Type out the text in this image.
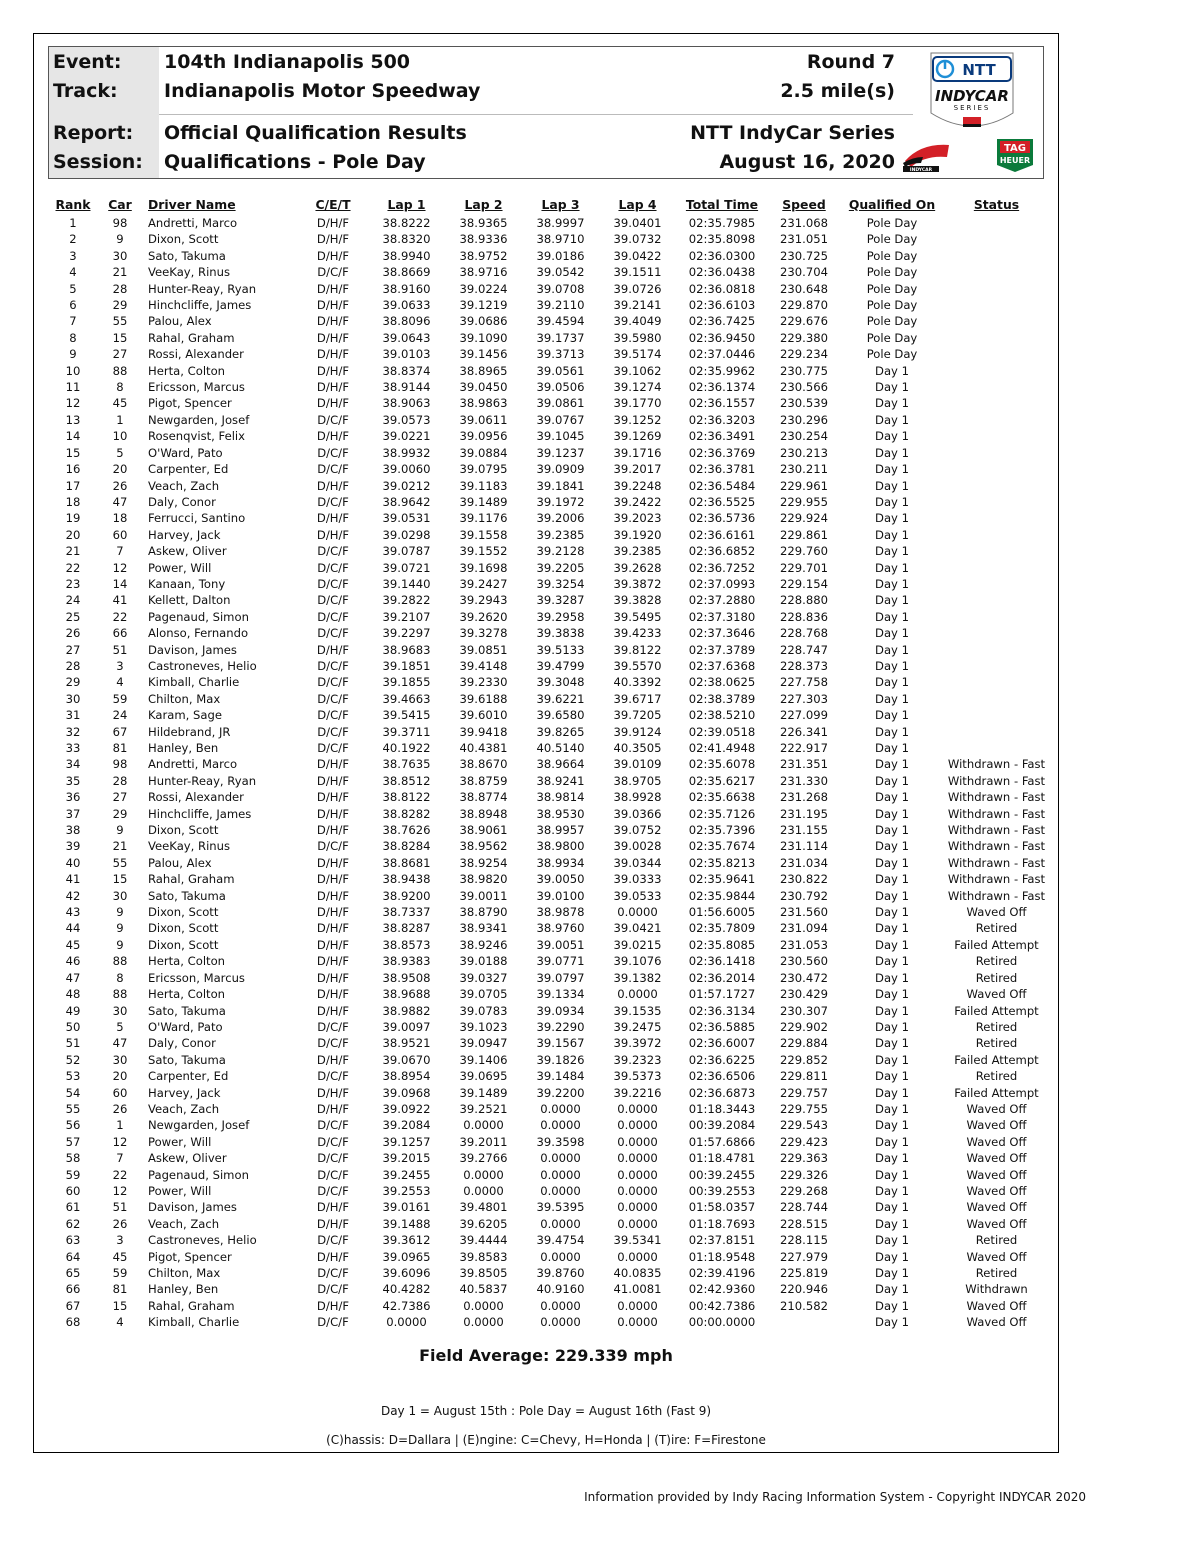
Event: 104th Indianapolis 500	Round 7
Track: Indianapolis Motor Speedway	2.5 mile(s)
Report: Official Qualification Results	NTT IndyCar Series
Session: Qualifications - Pole Day	August 16, 2020
NTT
INDYCAR
SERIES
INDYCAR
TAG
HEUER
Rank	Car	Driver Name	C/E/T	Lap 1	Lap 2	Lap 3	Lap 4	Total Time	Speed	Qualified On	Status
1	98	Andretti, Marco	D/H/F	38.8222	38.9365	38.9997	39.0401	02:35.7985	231.068	Pole Day	
2	9	Dixon, Scott	D/H/F	38.8320	38.9336	38.9710	39.0732	02:35.8098	231.051	Pole Day	
3	30	Sato, Takuma	D/H/F	38.9940	38.9752	39.0186	39.0422	02:36.0300	230.725	Pole Day	
4	21	VeeKay, Rinus	D/C/F	38.8669	38.9716	39.0542	39.1511	02:36.0438	230.704	Pole Day	
5	28	Hunter-Reay, Ryan	D/H/F	38.9160	39.0224	39.0708	39.0726	02:36.0818	230.648	Pole Day	
6	29	Hinchcliffe, James	D/H/F	39.0633	39.1219	39.2110	39.2141	02:36.6103	229.870	Pole Day	
7	55	Palou, Alex	D/H/F	38.8096	39.0686	39.4594	39.4049	02:36.7425	229.676	Pole Day	
8	15	Rahal, Graham	D/H/F	39.0643	39.1090	39.1737	39.5980	02:36.9450	229.380	Pole Day	
9	27	Rossi, Alexander	D/H/F	39.0103	39.1456	39.3713	39.5174	02:37.0446	229.234	Pole Day	
10	88	Herta, Colton	D/H/F	38.8374	38.8965	39.0561	39.1062	02:35.9962	230.775	Day 1	
11	8	Ericsson, Marcus	D/H/F	38.9144	39.0450	39.0506	39.1274	02:36.1374	230.566	Day 1	
12	45	Pigot, Spencer	D/H/F	38.9063	38.9863	39.0861	39.1770	02:36.1557	230.539	Day 1	
13	1	Newgarden, Josef	D/C/F	39.0573	39.0611	39.0767	39.1252	02:36.3203	230.296	Day 1	
14	10	Rosenqvist, Felix	D/H/F	39.0221	39.0956	39.1045	39.1269	02:36.3491	230.254	Day 1	
15	5	O'Ward, Pato	D/C/F	38.9932	39.0884	39.1237	39.1716	02:36.3769	230.213	Day 1	
16	20	Carpenter, Ed	D/C/F	39.0060	39.0795	39.0909	39.2017	02:36.3781	230.211	Day 1	
17	26	Veach, Zach	D/H/F	39.0212	39.1183	39.1841	39.2248	02:36.5484	229.961	Day 1	
18	47	Daly, Conor	D/C/F	38.9642	39.1489	39.1972	39.2422	02:36.5525	229.955	Day 1	
19	18	Ferrucci, Santino	D/H/F	39.0531	39.1176	39.2006	39.2023	02:36.5736	229.924	Day 1	
20	60	Harvey, Jack	D/H/F	39.0298	39.1558	39.2385	39.1920	02:36.6161	229.861	Day 1	
21	7	Askew, Oliver	D/C/F	39.0787	39.1552	39.2128	39.2385	02:36.6852	229.760	Day 1	
22	12	Power, Will	D/C/F	39.0721	39.1698	39.2205	39.2628	02:36.7252	229.701	Day 1	
23	14	Kanaan, Tony	D/C/F	39.1440	39.2427	39.3254	39.3872	02:37.0993	229.154	Day 1	
24	41	Kellett, Dalton	D/C/F	39.2822	39.2943	39.3287	39.3828	02:37.2880	228.880	Day 1	
25	22	Pagenaud, Simon	D/C/F	39.2107	39.2620	39.2958	39.5495	02:37.3180	228.836	Day 1	
26	66	Alonso, Fernando	D/C/F	39.2297	39.3278	39.3838	39.4233	02:37.3646	228.768	Day 1	
27	51	Davison, James	D/H/F	38.9683	39.0851	39.5133	39.8122	02:37.3789	228.747	Day 1	
28	3	Castroneves, Helio	D/C/F	39.1851	39.4148	39.4799	39.5570	02:37.6368	228.373	Day 1	
29	4	Kimball, Charlie	D/C/F	39.1855	39.2330	39.3048	40.3392	02:38.0625	227.758	Day 1	
30	59	Chilton, Max	D/C/F	39.4663	39.6188	39.6221	39.6717	02:38.3789	227.303	Day 1	
31	24	Karam, Sage	D/C/F	39.5415	39.6010	39.6580	39.7205	02:38.5210	227.099	Day 1	
32	67	Hildebrand, JR	D/C/F	39.3711	39.9418	39.8265	39.9124	02:39.0518	226.341	Day 1	
33	81	Hanley, Ben	D/C/F	40.1922	40.4381	40.5140	40.3505	02:41.4948	222.917	Day 1	
34	98	Andretti, Marco	D/H/F	38.7635	38.8670	38.9664	39.0109	02:35.6078	231.351	Day 1	Withdrawn - Fast
35	28	Hunter-Reay, Ryan	D/H/F	38.8512	38.8759	38.9241	38.9705	02:35.6217	231.330	Day 1	Withdrawn - Fast
36	27	Rossi, Alexander	D/H/F	38.8122	38.8774	38.9814	38.9928	02:35.6638	231.268	Day 1	Withdrawn - Fast
37	29	Hinchcliffe, James	D/H/F	38.8282	38.8948	38.9530	39.0366	02:35.7126	231.195	Day 1	Withdrawn - Fast
38	9	Dixon, Scott	D/H/F	38.7626	38.9061	38.9957	39.0752	02:35.7396	231.155	Day 1	Withdrawn - Fast
39	21	VeeKay, Rinus	D/C/F	38.8284	38.9562	38.9800	39.0028	02:35.7674	231.114	Day 1	Withdrawn - Fast
40	55	Palou, Alex	D/H/F	38.8681	38.9254	38.9934	39.0344	02:35.8213	231.034	Day 1	Withdrawn - Fast
41	15	Rahal, Graham	D/H/F	38.9438	38.9820	39.0050	39.0333	02:35.9641	230.822	Day 1	Withdrawn - Fast
42	30	Sato, Takuma	D/H/F	38.9200	39.0011	39.0100	39.0533	02:35.9844	230.792	Day 1	Withdrawn - Fast
43	9	Dixon, Scott	D/H/F	38.7337	38.8790	38.9878	0.0000	01:56.6005	231.560	Day 1	Waved Off
44	9	Dixon, Scott	D/H/F	38.8287	38.9341	38.9760	39.0421	02:35.7809	231.094	Day 1	Retired
45	9	Dixon, Scott	D/H/F	38.8573	38.9246	39.0051	39.0215	02:35.8085	231.053	Day 1	Failed Attempt
46	88	Herta, Colton	D/H/F	38.9383	39.0188	39.0771	39.1076	02:36.1418	230.560	Day 1	Retired
47	8	Ericsson, Marcus	D/H/F	38.9508	39.0327	39.0797	39.1382	02:36.2014	230.472	Day 1	Retired
48	88	Herta, Colton	D/H/F	38.9688	39.0705	39.1334	0.0000	01:57.1727	230.429	Day 1	Waved Off
49	30	Sato, Takuma	D/H/F	38.9882	39.0783	39.0934	39.1535	02:36.3134	230.307	Day 1	Failed Attempt
50	5	O'Ward, Pato	D/C/F	39.0097	39.1023	39.2290	39.2475	02:36.5885	229.902	Day 1	Retired
51	47	Daly, Conor	D/C/F	38.9521	39.0947	39.1567	39.3972	02:36.6007	229.884	Day 1	Retired
52	30	Sato, Takuma	D/H/F	39.0670	39.1406	39.1826	39.2323	02:36.6225	229.852	Day 1	Failed Attempt
53	20	Carpenter, Ed	D/C/F	38.8954	39.0695	39.1484	39.5373	02:36.6506	229.811	Day 1	Retired
54	60	Harvey, Jack	D/H/F	39.0968	39.1489	39.2200	39.2216	02:36.6873	229.757	Day 1	Failed Attempt
55	26	Veach, Zach	D/H/F	39.0922	39.2521	0.0000	0.0000	01:18.3443	229.755	Day 1	Waved Off
56	1	Newgarden, Josef	D/C/F	39.2084	0.0000	0.0000	0.0000	00:39.2084	229.543	Day 1	Waved Off
57	12	Power, Will	D/C/F	39.1257	39.2011	39.3598	0.0000	01:57.6866	229.423	Day 1	Waved Off
58	7	Askew, Oliver	D/C/F	39.2015	39.2766	0.0000	0.0000	01:18.4781	229.363	Day 1	Waved Off
59	22	Pagenaud, Simon	D/C/F	39.2455	0.0000	0.0000	0.0000	00:39.2455	229.326	Day 1	Waved Off
60	12	Power, Will	D/C/F	39.2553	0.0000	0.0000	0.0000	00:39.2553	229.268	Day 1	Waved Off
61	51	Davison, James	D/H/F	39.0161	39.4801	39.5395	0.0000	01:58.0357	228.744	Day 1	Waved Off
62	26	Veach, Zach	D/H/F	39.1488	39.6205	0.0000	0.0000	01:18.7693	228.515	Day 1	Waved Off
63	3	Castroneves, Helio	D/C/F	39.3612	39.4444	39.4754	39.5341	02:37.8151	228.115	Day 1	Retired
64	45	Pigot, Spencer	D/H/F	39.0965	39.8583	0.0000	0.0000	01:18.9548	227.979	Day 1	Waved Off
65	59	Chilton, Max	D/C/F	39.6096	39.8505	39.8760	40.0835	02:39.4196	225.819	Day 1	Retired
66	81	Hanley, Ben	D/C/F	40.4282	40.5837	40.9160	41.0081	02:42.9360	220.946	Day 1	Withdrawn
67	15	Rahal, Graham	D/H/F	42.7386	0.0000	0.0000	0.0000	00:42.7386	210.582	Day 1	Waved Off
68	4	Kimball, Charlie	D/C/F	0.0000	0.0000	0.0000	0.0000	00:00.0000		Day 1	Waved Off
Field Average: 229.339 mph
Day 1 = August 15th : Pole Day = August 16th (Fast 9)
(C)hassis: D=Dallara | (E)ngine: C=Chevy, H=Honda | (T)ire: F=Firestone
Information provided by Indy Racing Information System - Copyright INDYCAR 2020
